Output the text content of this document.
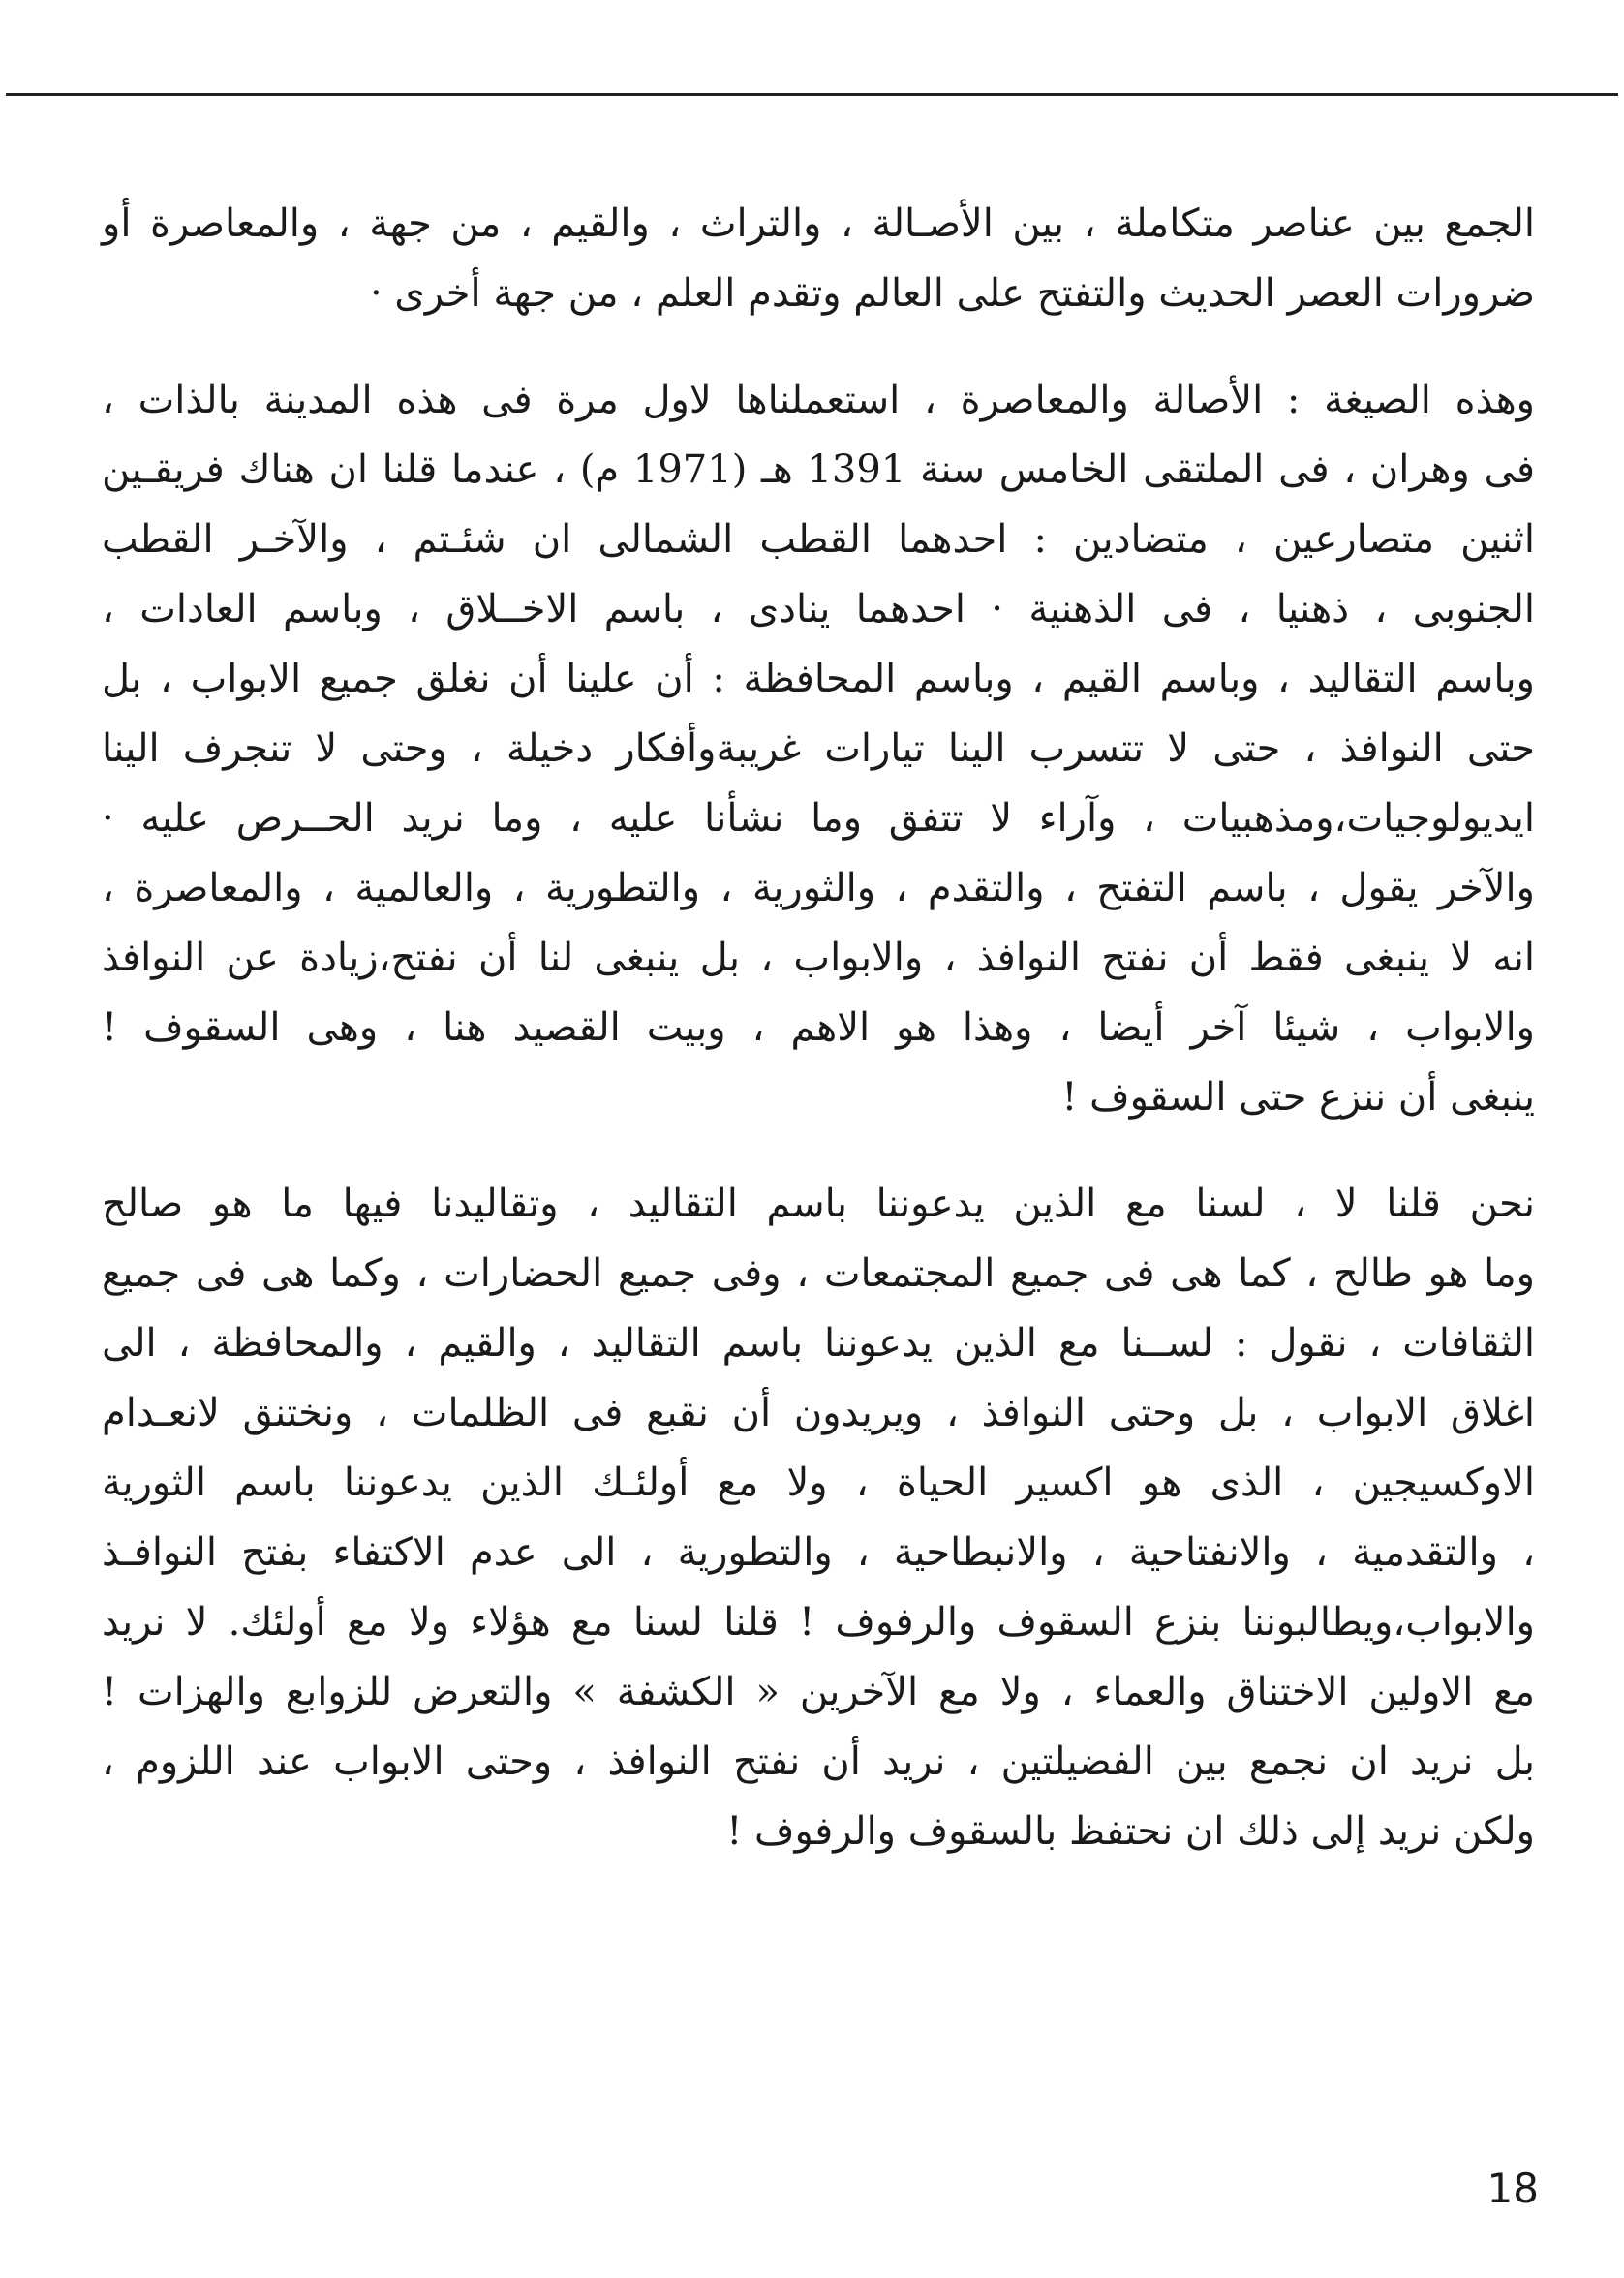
الجمع بين عناصر متكاملة ، بين الأصـالة ، والتراث ، والقيم ، من جهة ، والمعاصرة أو
ضرورات العصر الحديث والتفتح على العالم وتقدم العلم ، من جهة أخرى ·
وهذه الصيغة : الأصالة والمعاصرة ، استعملناها لاول مرة فى هذه المدينة بالذات ،
فى وهران ، فى الملتقى الخامس سنة 1391 هـ (1971 م) ، عندما قلنا ان هناك فريقـين
اثنين متصارعين ، متضادين : احدهما القطب الشمالى ان شئـتم ، والآخـر القطب
الجنوبى ، ذهنيا ، فى الذهنية · احدهما ينادى ، باسم الاخــلاق ، وباسم العادات ،
وباسم التقاليد ، وباسم القيم ، وباسم المحافظة : أن علينا أن نغلق جميع الابواب ، بل
حتى النوافذ ، حتى لا تتسرب الينا تيارات غريبةوأفكار دخيلة ، وحتى لا تنجرف الينا
ايديولوجيات،ومذهبيات ، وآراء لا تتفق وما نشأنا عليه ، وما نريد الحــرص عليه ·
والآخر يقول ، باسم التفتح ، والتقدم ، والثورية ، والتطورية ، والعالمية ، والمعاصرة ،
انه لا ينبغى فقط أن نفتح النوافذ ، والابواب ، بل ينبغى لنا أن نفتح،زيادة عن النوافذ
والابواب ، شيئا آخر أيضا ، وهذا هو الاهم ، وبيت القصيد هنا ، وهى السقوف !
ينبغى أن ننزع حتى السقوف !
نحن قلنا لا ، لسنا مع الذين يدعوننا باسم التقاليد ، وتقاليدنا فيها ما هو صالح
وما هو طالح ، كما هى فى جميع المجتمعات ، وفى جميع الحضارات ، وكما هى فى جميع
الثقافات ، نقول : لســنا مع الذين يدعوننا باسم التقاليد ، والقيم ، والمحافظة ، الى
اغلاق الابواب ، بل وحتى النوافذ ، ويريدون أن نقبع فى الظلمات ، ونختنق لانعـدام
الاوكسيجين ، الذى هو اكسير الحياة ، ولا مع أولئـك الذين يدعوننا باسم الثورية
، والتقدمية ، والانفتاحية ، والانبطاحية ، والتطورية ، الى عدم الاكتفاء بفتح النوافـذ
والابواب،ويطالبوننا بنزع السقوف والرفوف ! قلنا لسنا مع هؤلاء ولا مع أولئك. لا نريد
مع الاولين الاختناق والعماء ، ولا مع الآخرين « الكشفة » والتعرض للزوابع والهزات !
بل نريد ان نجمع بين الفضيلتين ، نريد أن نفتح النوافذ ، وحتى الابواب عند اللزوم ،
ولكن نريد إلى ذلك ان نحتفظ بالسقوف والرفوف !
18
